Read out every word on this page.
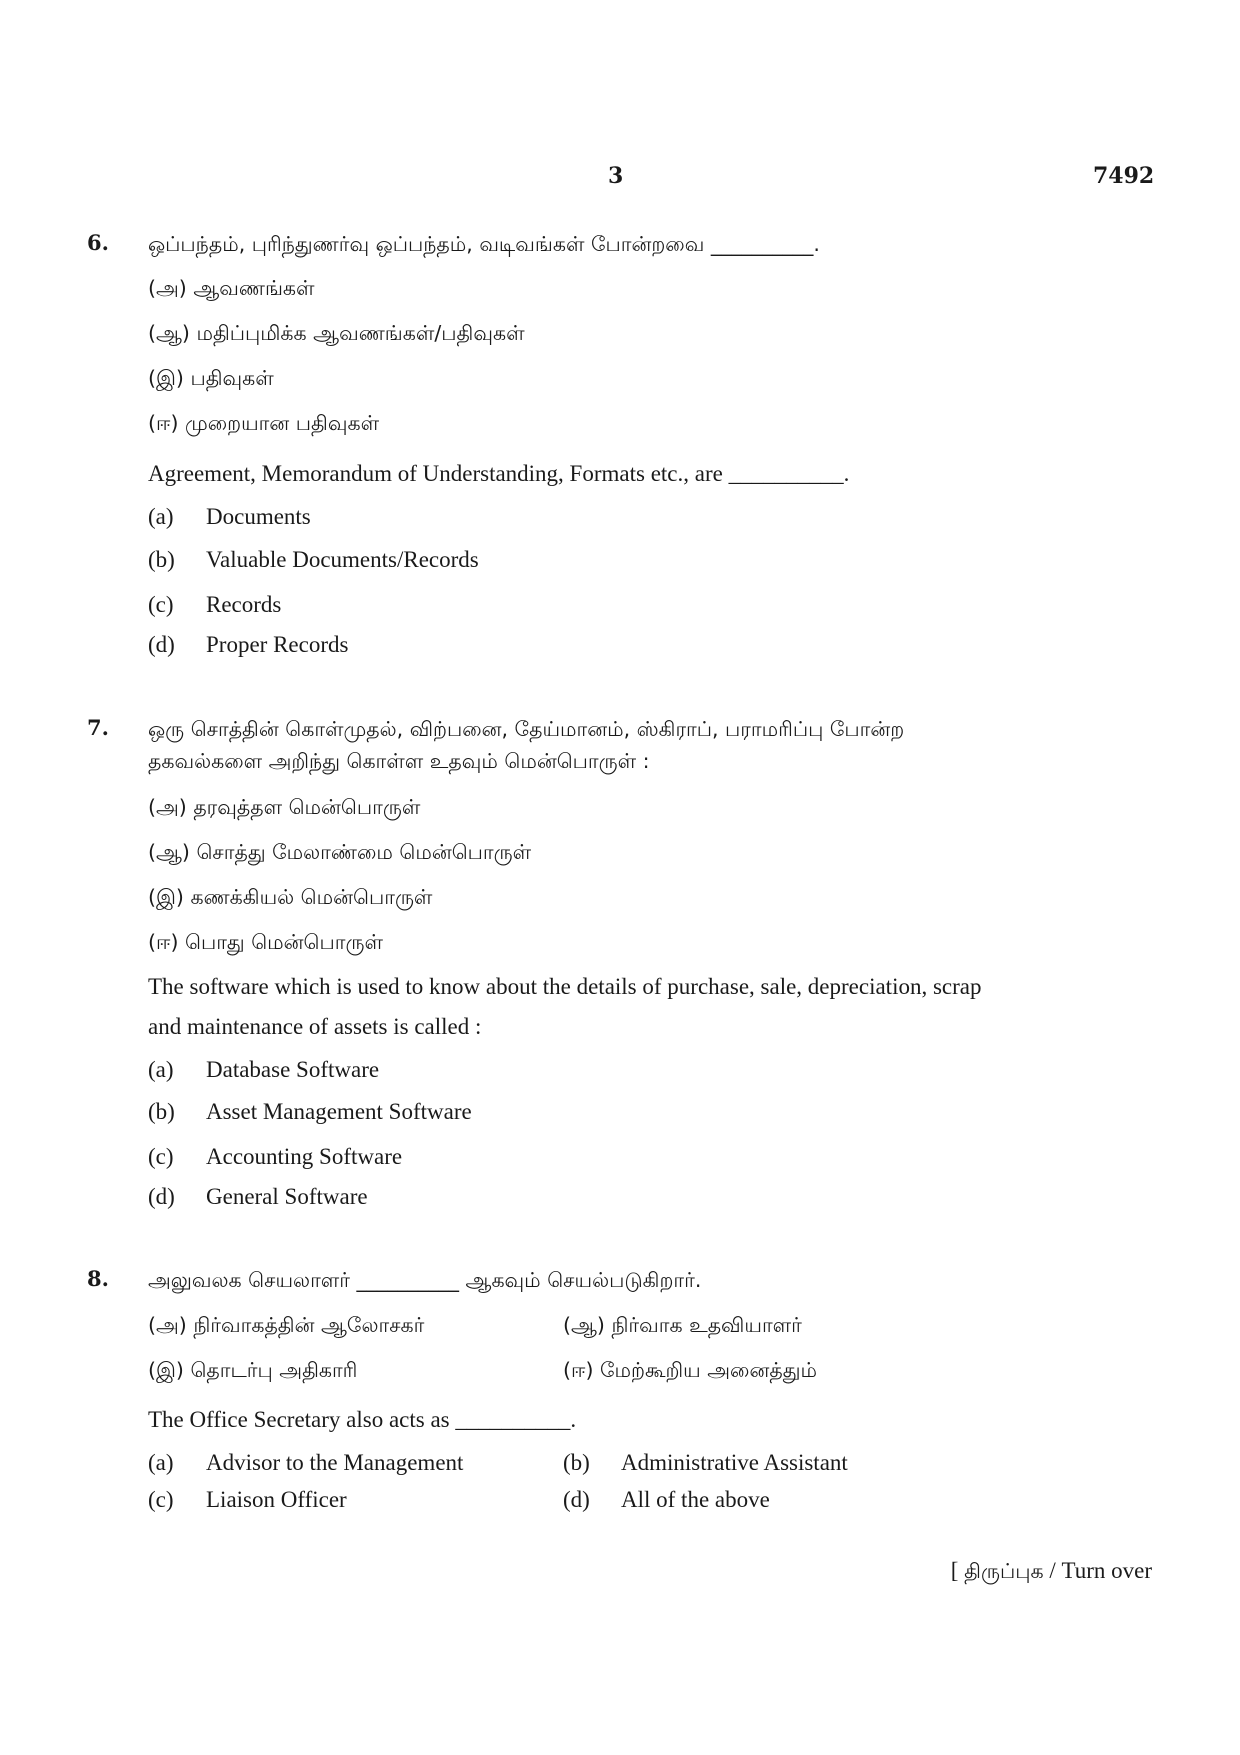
3	7492
6. ஒப்பந்தம், புரிந்துணர்வு ஒப்பந்தம், வடிவங்கள் போன்றவை __________.
(அ) ஆவணங்கள்
(ஆ) மதிப்புமிக்க ஆவணங்கள்/பதிவுகள்
(இ) பதிவுகள்
(ஈ) முறையான பதிவுகள்
Agreement, Memorandum of Understanding, Formats etc., are __________.
(a) Documents
(b) Valuable Documents/Records
(c) Records
(d) Proper Records
7. ஒரு சொத்தின் கொள்முதல், விற்பனை, தேய்மானம், ஸ்கிராப், பராமரிப்பு போன்ற
தகவல்களை அறிந்து கொள்ள உதவும் மென்பொருள் :
(அ) தரவுத்தள மென்பொருள்
(ஆ) சொத்து மேலாண்மை மென்பொருள்
(இ) கணக்கியல் மென்பொருள்
(ஈ) பொது மென்பொருள்
The software which is used to know about the details of purchase, sale, depreciation, scrap
and maintenance of assets is called :
(a) Database Software
(b) Asset Management Software
(c) Accounting Software
(d) General Software
8. அலுவலக செயலாளர் __________ ஆகவும் செயல்படுகிறார்.
(அ) நிர்வாகத்தின் ஆலோசகர்	(ஆ) நிர்வாக உதவியாளர்
(இ) தொடர்பு அதிகாரி	(ஈ) மேற்கூறிய அனைத்தும்
The Office Secretary also acts as __________.
(a) Advisor to the Management	(b) Administrative Assistant
(c) Liaison Officer	(d) All of the above
[ திருப்புக / Turn over
